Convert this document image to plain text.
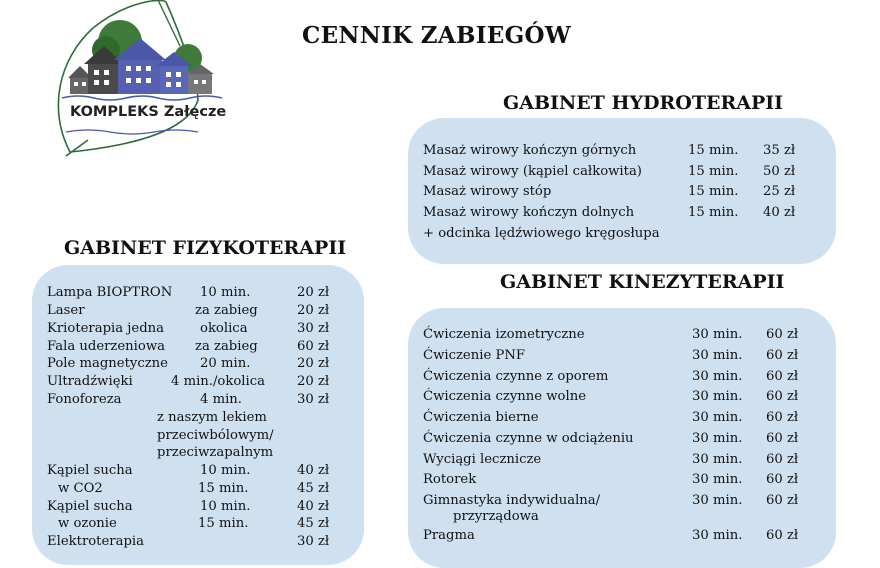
KOMPLEKS Załęcze
CENNIK ZABIEGÓW
GABINET HYDROTERAPII
Masaż wirowy kończyn górnych	15 min. 35 zł
Masaż wirowy (kąpiel całkowita)	15 min. 50 zł
Masaż wirowy stóp	15 min. 25 zł
Masaż wirowy kończyn dolnych	15 min. 40 zł
+ odcinka lędźwiowego kręgosłupa
GABINET KINEZYTERAPII
Ćwiczenia izometryczne	30 min. 60 zł
Ćwiczenie PNF	30 min. 60 zł
Ćwiczenia czynne z oporem	30 min. 60 zł
Ćwiczenia czynne wolne	30 min. 60 zł
Ćwiczenia bierne	30 min. 60 zł
Ćwiczenia czynne w odciążeniu	30 min. 60 zł
Wyciągi lecznicze	30 min. 60 zł
Rotorek	30 min. 60 zł
Gimnastyka indywidualna/	30 min. 60 zł
przyrządowa
Pragma	30 min. 60 zł
GABINET FIZYKOTERAPII
Lampa BIOPTRON 10 min.	20 zł
Laser	za zabieg	20 zł
Krioterapia jedna	okolica	30 zł
Fala uderzeniowa za zabieg	60 zł
Pole magnetyczne 20 min.	20 zł
Ultradźwięki	4 min./okolica 20 zł
Fonoforeza	4 min.	30 zł
z naszym lekiem
przeciwbólowym/
przeciwzapalnym
Kąpiel sucha	10 min.	40 zł
w CO2	15 min.	45 zł
Kąpiel sucha	10 min.	40 zł
w ozonie	15 min.	45 zł
Elektroterapia	30 zł
